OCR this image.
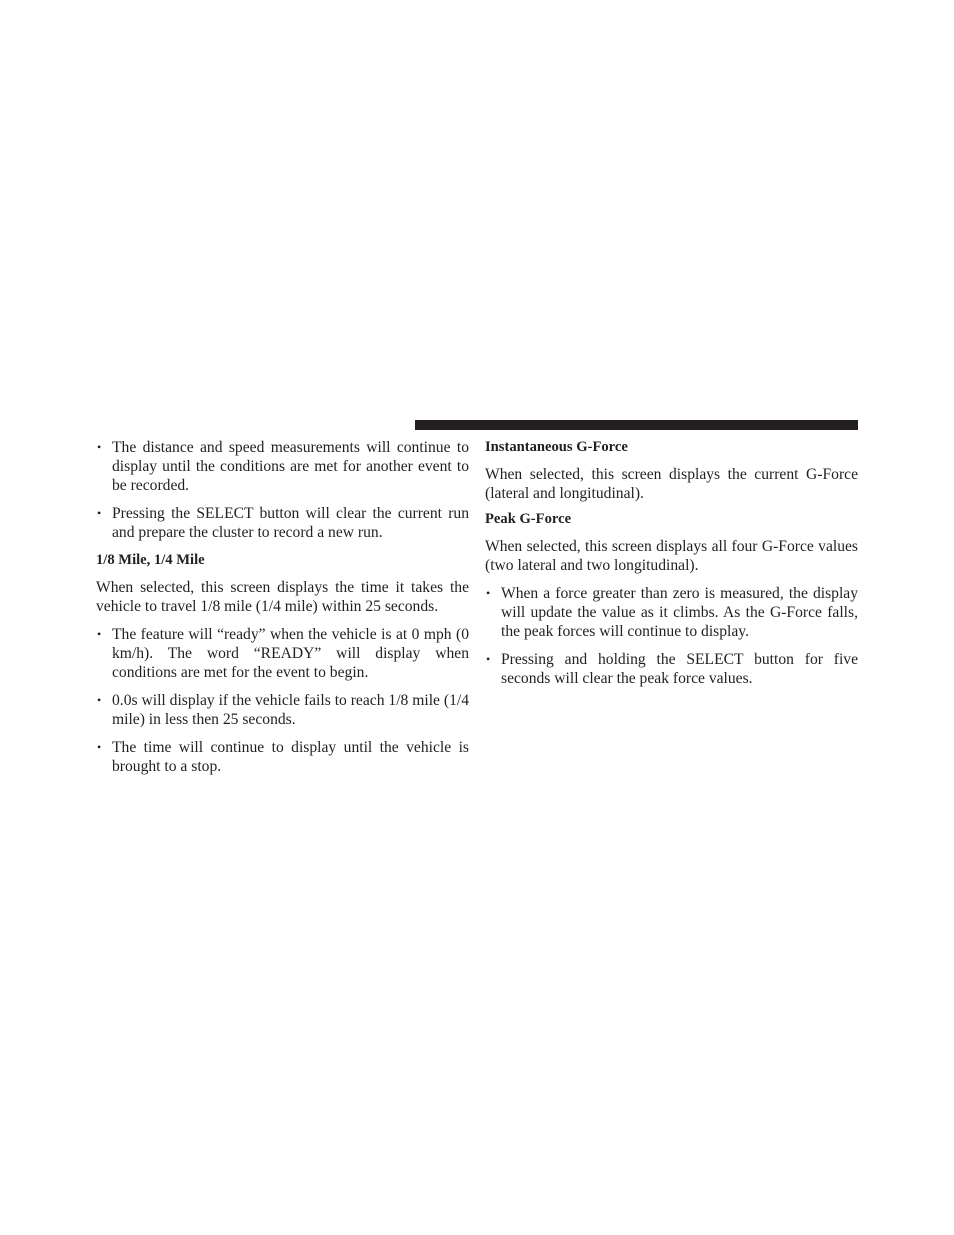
• The distance and speed measurements will continue to display until the conditions are met for another event to be recorded.
• Pressing the SELECT button will clear the current run and prepare the cluster to record a new run.
1/8 Mile, 1/4 Mile

When selected, this screen displays the time it takes the vehicle to travel 1/8 mile (1/4 mile) within 25 seconds.

• The feature will “ready” when the vehicle is at 0 mph (0 km/h). The word “READY” will display when conditions are met for the event to begin.
• 0.0s will display if the vehicle fails to reach 1/8 mile (1/4 mile) in less then 25 seconds.
• The time will continue to display until the vehicle is brought to a stop.
Instantaneous G-Force

When selected, this screen displays the current G-Force (lateral and longitudinal).

Peak G-Force

When selected, this screen displays all four G-Force values (two lateral and two longitudinal).

• When a force greater than zero is measured, the display will update the value as it climbs. As the G-Force falls, the peak forces will continue to display.
• Pressing and holding the SELECT button for five seconds will clear the peak force values.
